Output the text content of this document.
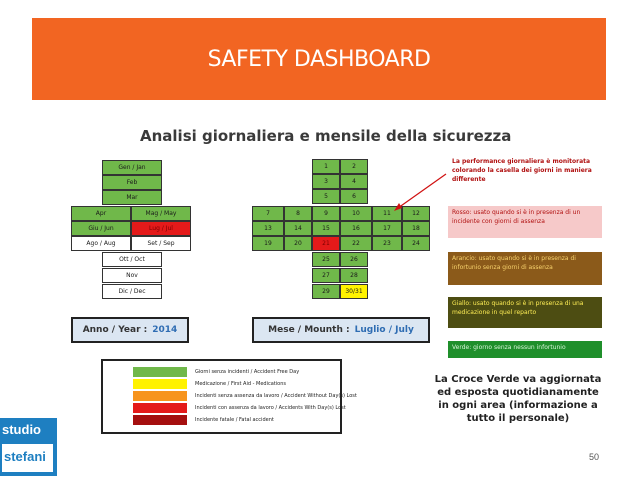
SAFETY DASHBOARD
Analisi giornaliera e mensile della sicurezza
Gen / Jan
Feb
Mar
Apr	Mag / May
Giu / Jun	Lug / Jul
Ago / Aug	Set / Sep
Ott / Oct
Nov
Dic / Dec
1	2
3	4
5	6
7	8	9	10	11	12
13	14	15	16	17	18
19	20	21	22	23	24
25	26
27	28
29	30/31
Anno / Year : 2014	Mese / Mounth : Luglio / July
La performance giornaliera è monitorata colorando la casella dei giorni in maniera differente
Rosso: usato quando si è in presenza di un incidente con giorni di assenza
Arancio: usato quando si è in presenza di infortunio senza giorni di assenza
Giallo: usato quando si è in presenza di una medicazione in quel reparto
Verde: giorno senza nessun infortunio
Giorni senza incidenti / Accident Free Day
Medicazione / First Aid - Medications
Incidenti senza assenza da lavoro / Accident Without Day(s) Lost
Incidenti con assenza da lavoro / Accidents With Day(s) Lost
Incidente fatale / Fatal accident
La Croce Verde va aggiornata ed esposta quotidianamente in ogni area (informazione a tutto il personale)
studio
stefani	50
